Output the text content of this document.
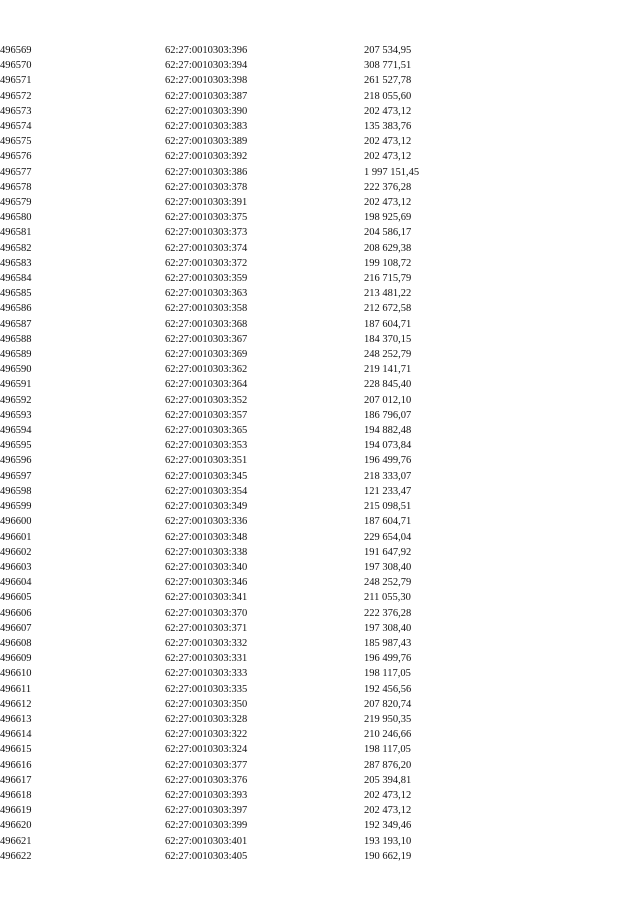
496569	62:27:0010303:396	207 534,95
496570	62:27:0010303:394	308 771,51
496571	62:27:0010303:398	261 527,78
496572	62:27:0010303:387	218 055,60
496573	62:27:0010303:390	202 473,12
496574	62:27:0010303:383	135 383,76
496575	62:27:0010303:389	202 473,12
496576	62:27:0010303:392	202 473,12
496577	62:27:0010303:386	1 997 151,45
496578	62:27:0010303:378	222 376,28
496579	62:27:0010303:391	202 473,12
496580	62:27:0010303:375	198 925,69
496581	62:27:0010303:373	204 586,17
496582	62:27:0010303:374	208 629,38
496583	62:27:0010303:372	199 108,72
496584	62:27:0010303:359	216 715,79
496585	62:27:0010303:363	213 481,22
496586	62:27:0010303:358	212 672,58
496587	62:27:0010303:368	187 604,71
496588	62:27:0010303:367	184 370,15
496589	62:27:0010303:369	248 252,79
496590	62:27:0010303:362	219 141,71
496591	62:27:0010303:364	228 845,40
496592	62:27:0010303:352	207 012,10
496593	62:27:0010303:357	186 796,07
496594	62:27:0010303:365	194 882,48
496595	62:27:0010303:353	194 073,84
496596	62:27:0010303:351	196 499,76
496597	62:27:0010303:345	218 333,07
496598	62:27:0010303:354	121 233,47
496599	62:27:0010303:349	215 098,51
496600	62:27:0010303:336	187 604,71
496601	62:27:0010303:348	229 654,04
496602	62:27:0010303:338	191 647,92
496603	62:27:0010303:340	197 308,40
496604	62:27:0010303:346	248 252,79
496605	62:27:0010303:341	211 055,30
496606	62:27:0010303:370	222 376,28
496607	62:27:0010303:371	197 308,40
496608	62:27:0010303:332	185 987,43
496609	62:27:0010303:331	196 499,76
496610	62:27:0010303:333	198 117,05
496611	62:27:0010303:335	192 456,56
496612	62:27:0010303:350	207 820,74
496613	62:27:0010303:328	219 950,35
496614	62:27:0010303:322	210 246,66
496615	62:27:0010303:324	198 117,05
496616	62:27:0010303:377	287 876,20
496617	62:27:0010303:376	205 394,81
496618	62:27:0010303:393	202 473,12
496619	62:27:0010303:397	202 473,12
496620	62:27:0010303:399	192 349,46
496621	62:27:0010303:401	193 193,10
496622	62:27:0010303:405	190 662,19
